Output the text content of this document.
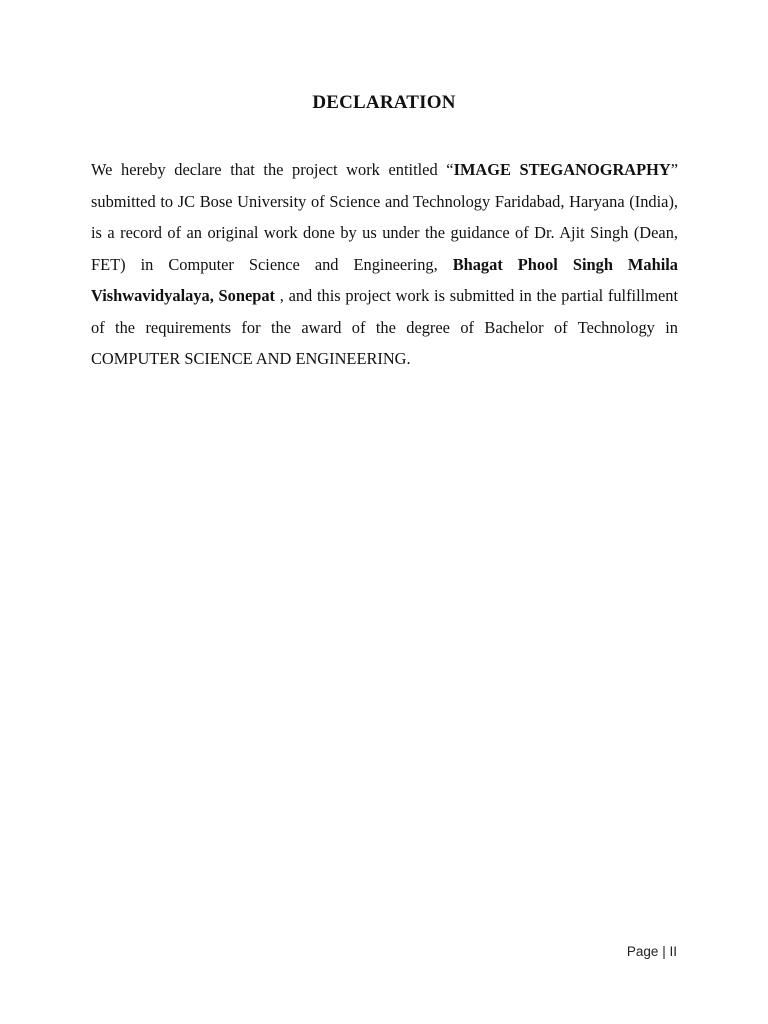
DECLARATION

We hereby declare that the project work entitled “IMAGE STEGANOGRAPHY” submitted to JC Bose University of Science and Technology Faridabad, Haryana (India), is a record of an original work done by us under the guidance of Dr. Ajit Singh (Dean, FET) in Computer Science and Engineering, Bhagat Phool Singh Mahila Vishwavidyalaya, Sonepat , and this project work is submitted in the partial fulfillment of the requirements for the award of the degree of Bachelor of Technology in COMPUTER SCIENCE AND ENGINEERING.

Page | II
